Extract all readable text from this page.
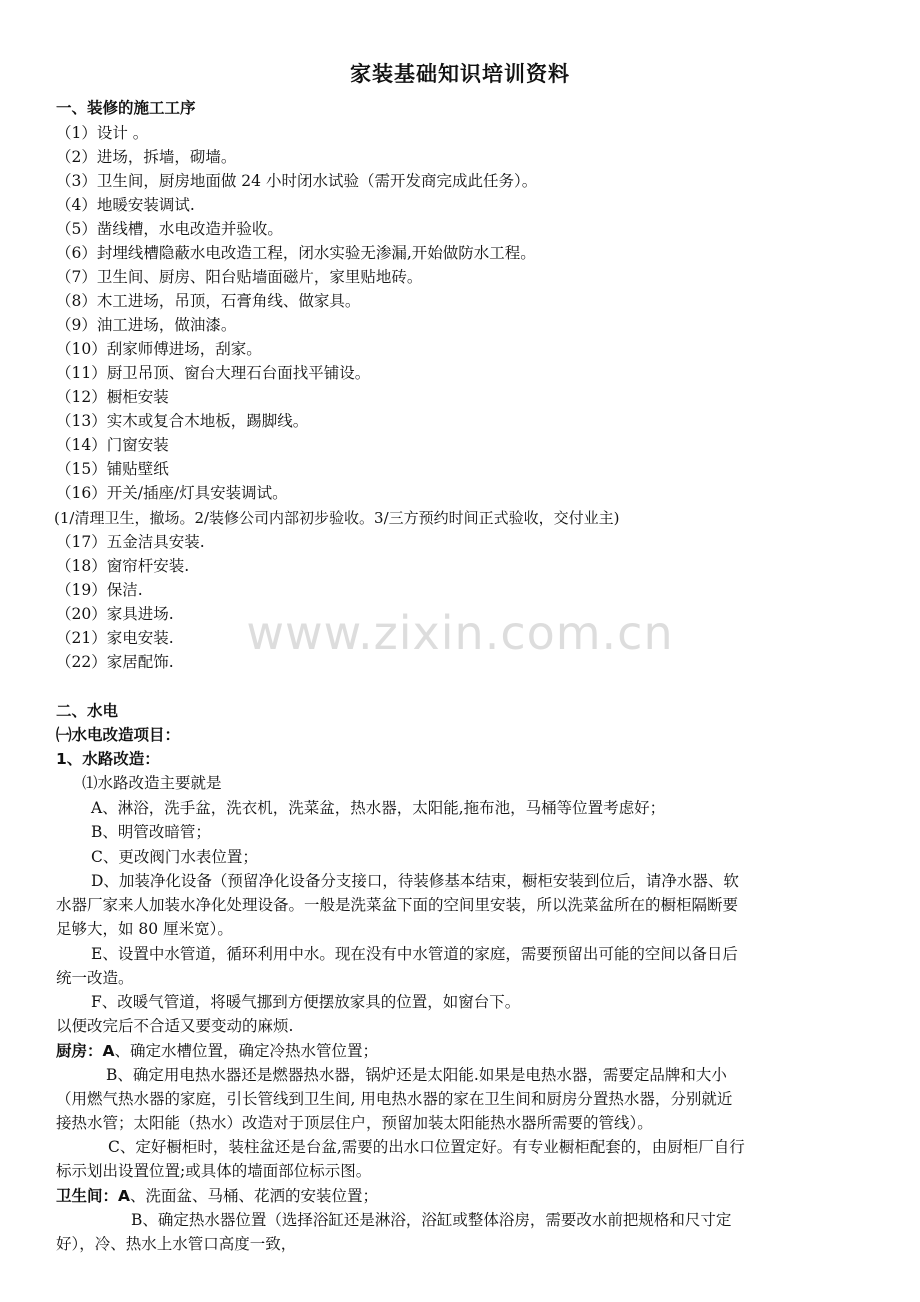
家装基础知识培训资料
一、装修的施工工序
（1）设计 。
（2）进场，拆墙，砌墙。
（3）卫生间，厨房地面做 24 小时闭水试验（需开发商完成此任务）。
（4）地暖安装调试.
（5）凿线槽，水电改造并验收。
（6）封埋线槽隐蔽水电改造工程，闭水实验无渗漏,开始做防水工程。
（7）卫生间、厨房、阳台贴墙面磁片，家里贴地砖。
（8）木工进场，吊顶，石膏角线、做家具。
（9）油工进场，做油漆。
（10）刮家师傅进场，刮家。
（11）厨卫吊顶、窗台大理石台面找平铺设。
（12）橱柜安装
（13）实木或复合木地板，踢脚线。
（14）门窗安装
（15）铺贴壁纸
（16）开关/插座/灯具安装调试。
(1/清理卫生，撤场。2/装修公司内部初步验收。3/三方预约时间正式验收，交付业主)
（17）五金洁具安装.
（18）窗帘杆安装.
（19）保洁.
（20）家具进场.
（21）家电安装.
（22）家居配饰.
www.zixin.com.cn
二、水电
㈠水电改造项目：
1、水路改造：
⑴水路改造主要就是
A、淋浴，洗手盆，洗衣机，洗菜盆，热水器，太阳能,拖布池，马桶等位置考虑好；
B、明管改暗管；
C、更改阀门水表位置；
D、加装净化设备（预留净化设备分支接口，待装修基本结束，橱柜安装到位后，请净水器、软
水器厂家来人加装水净化处理设备。一般是洗菜盆下面的空间里安装，所以洗菜盆所在的橱柜隔断要
足够大，如 80 厘米宽）。
E、设置中水管道，循环利用中水。现在没有中水管道的家庭，需要预留出可能的空间以备日后
统一改造。
F、改暖气管道，将暖气挪到方便摆放家具的位置，如窗台下。
以便改完后不合适又要变动的麻烦.
厨房：A、确定水槽位置，确定冷热水管位置；
B、确定用电热水器还是燃器热水器，锅炉还是太阳能.如果是电热水器，需要定品牌和大小
（用燃气热水器的家庭，引长管线到卫生间, 用电热水器的家在卫生间和厨房分置热水器，分别就近
接热水管；太阳能（热水）改造对于顶层住户，预留加装太阳能热水器所需要的管线）。
C、定好橱柜时，装柱盆还是台盆,需要的出水口位置定好。有专业橱柜配套的，由厨柜厂自行
标示划出设置位置;或具体的墙面部位标示图。
卫生间：A、洗面盆、马桶、花洒的安装位置；
B、确定热水器位置（选择浴缸还是淋浴，浴缸或整体浴房，需要改水前把规格和尺寸定
好），冷、热水上水管口高度一致，
